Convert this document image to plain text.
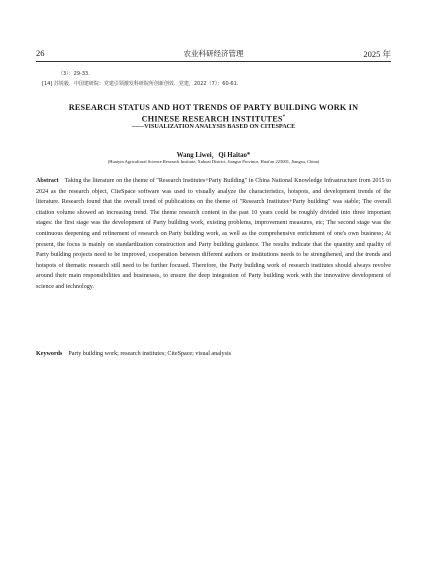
26	农业科研经济管理	2025 年
（3）：29-33.
[14] 苏锐毅．中国建研院：党建引领激发科研院所创新创效．党建，2022（7）：60-61.
RESEARCH STATUS AND HOT TRENDS OF PARTY BUILDING WORK IN
CHINESE RESEARCH INSTITUTES*
——VISUALIZATION ANALYSIS BASED ON CITESPACE
Wang Liwei，Qi Haitao*
(Huaiyin Agricultural Science Research Institute, Xuhuai District, Jiangsu Province, Huai'an 223001, Jiangsu, China)
Abstract Taking the literature on the theme of "Research Institutes+Party Building" in China National Knowledge Infrastructure from 2015 to 2024 as the research object, CiteSpace software was used to visually analyze the characteristics, hotspots, and development trends of the literature. Research found that the overall trend of publications on the theme of "Research Institutes+Party building" was stable; The overall citation volume showed an increasing trend. The theme research content in the past 10 years could be roughly divided into three important stages: the first stage was the development of Party building work, existing problems, improvement measures, etc; The second stage was the continuous deepening and refinement of research on Party building work, as well as the comprehensive enrichment of one's own business; At present, the focus is mainly on standardization construction and Party building guidance. The results indicate that the quantity and quality of Party building projects need to be improved, cooperation between different authors or institutions needs to be strengthened, and the trends and hotspots of thematic research still need to be further focused. Therefore, the Party building work of research institutes should always revolve around their main responsibilities and businesses, to ensure the deep integration of Party building work with the innovative development of science and technology.
Keywords Party building work; research institutes; CiteSpace; visual analysis
